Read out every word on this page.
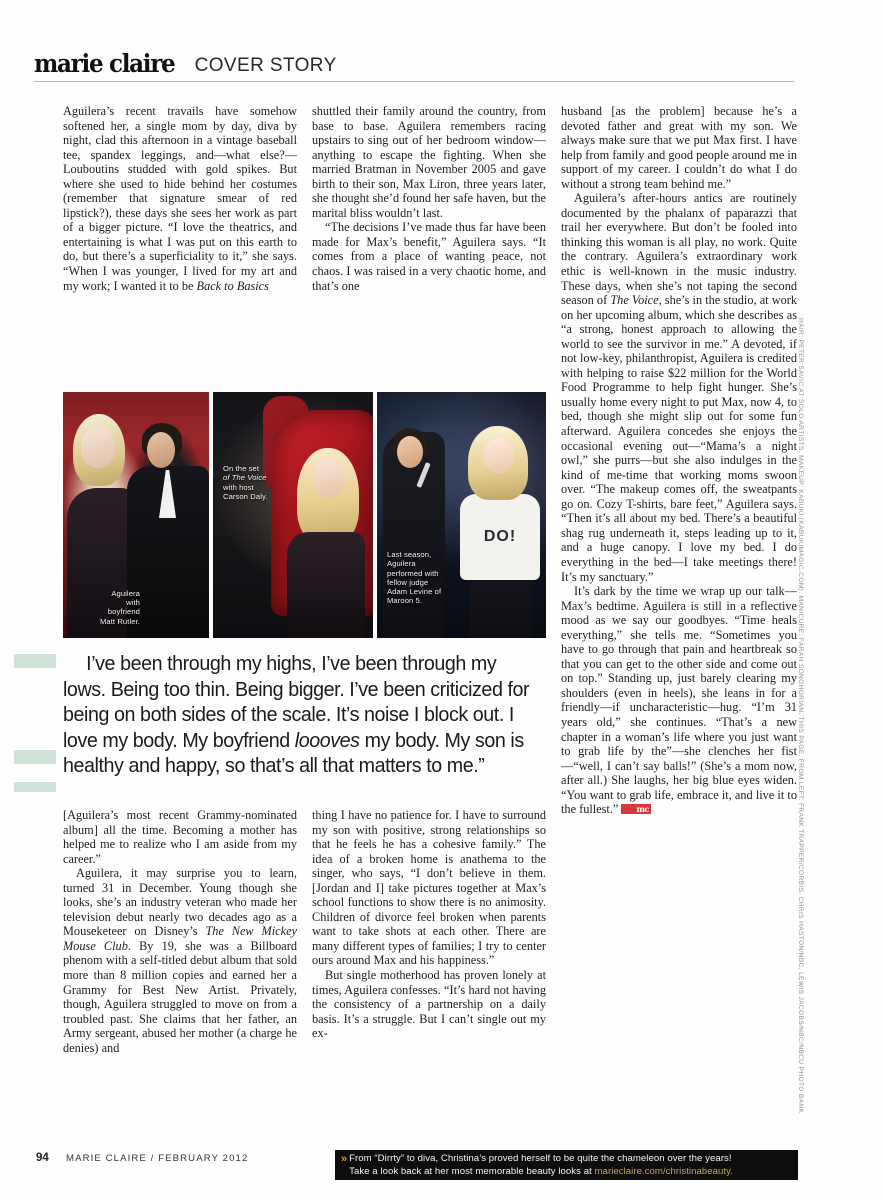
marie claire COVER STORY

Aguilera’s recent travails have somehow softened her, a single mom by day, diva by night, clad this afternoon in a vintage baseball tee, spandex leggings, and—what else?—Louboutins studded with gold spikes. But where she used to hide behind her costumes (remember that signature smear of red lipstick?), these days she sees her work as part of a bigger picture. “I love the theatrics, and entertaining is what I was put on this earth to do, but there’s a superficiality to it,” she says. “When I was younger, I lived for my art and my work; I wanted it to be Back to Basics

shuttled their family around the country, from base to base. Aguilera remembers racing upstairs to sing out of her bedroom window—anything to escape the fighting. When she married Bratman in November 2005 and gave birth to their son, Max Liron, three years later, she thought she’d found her safe haven, but the marital bliss wouldn’t last.

“The decisions I’ve made thus far have been made for Max’s benefit,” Aguilera says. “It comes from a place of wanting peace, not chaos. I was raised in a very chaotic home, and that’s one

husband [as the problem] because he’s a devoted father and great with my son. We always make sure that we put Max first. I have help from family and good people around me in support of my career. I couldn’t do what I do without a strong team behind me.”

Aguilera’s after-hours antics are routinely documented by the phalanx of paparazzi that trail her everywhere. But don’t be fooled into thinking this woman is all play, no work. Quite the contrary. Aguilera’s extraordinary work ethic is well-known in the music industry. These days, when she’s not taping the second season of The Voice, she’s in the studio, at work on her upcoming album, which she describes as “a strong, honest approach to allowing the world to see the survivor in me.” A devoted, if not low-key, philanthropist, Aguilera is credited with helping to raise $22 million for the World Food Programme to help fight hunger. She’s usually home every night to put Max, now 4, to bed, though she might slip out for some fun afterward. Aguilera concedes she enjoys the occasional evening out—“Mama’s a night owl,” she purrs—but she also indulges in the kind of me-time that working moms swoon over. “The makeup comes off, the sweatpants go on. Cozy T-shirts, bare feet,” Aguilera says. “Then it’s all about my bed. There’s a beautiful shag rug underneath it, steps leading up to it, and a huge canopy. I love my bed. I do everything in the bed—I take meetings there! It’s my sanctuary.”

It’s dark by the time we wrap up our talk—Max’s bedtime. Aguilera is still in a reflective mood as we say our goodbyes. “Time heals everything,” she tells me. “Sometimes you have to go through that pain and heartbreak so that you can get to the other side and come out on top.” Standing up, just barely clearing my shoulders (even in heels), she leans in for a friendly—if uncharacteristic—hug. “I’m 31 years old,” she continues. “That’s a new chapter in a woman’s life where you just want to grab life by the”—she clenches her fist—“well, I can’t say balls!” (She’s a mom now, after all.) She laughs, her big blue eyes widen. “You want to grab life, embrace it, and live it to the fullest.” mc

Aguilera
with
boyfriend
Matt Rutler.
On the set
of The Voice
with host
Carson Daly.
DO!
Last season,
Aguilera
performed with
fellow judge
Adam Levine of
Maroon 5.
I’ve been through my highs, I’ve been through my lows. Being too thin. Being bigger. I’ve been criticized for being on both sides of the scale. It’s noise I block out. I love my body. My boyfriend loooves my body. My son is healthy and happy, so that’s all that matters to me.”

[Aguilera’s most recent Grammy-nominated album] all the time. Becoming a mother has helped me to realize who I am aside from my career.”

Aguilera, it may surprise you to learn, turned 31 in December. Young though she looks, she’s an industry veteran who made her television debut nearly two decades ago as a Mouseketeer on Disney’s The New Mickey Mouse Club. By 19, she was a Billboard phenom with a self-titled debut album that sold more than 8 million copies and earned her a Grammy for Best New Artist. Privately, though, Aguilera struggled to move on from a troubled past. She claims that her father, an Army sergeant, abused her mother (a charge he denies) and

thing I have no patience for. I have to surround my son with positive, strong relationships so that he feels he has a cohesive family.” The idea of a broken home is anathema to the singer, who says, “I don’t believe in them. [Jordan and I] take pictures together at Max’s school functions to show there is no animosity. Children of divorce feel broken when parents want to take shots at each other. There are many different types of families; I try to center ours around Max and his happiness.”

But single motherhood has proven lonely at times, Aguilera confesses. “It’s hard not having the consistency of a partnership on a daily basis. It’s a struggle. But I can’t single out my ex-	HAIR: PETER SAVIC AT SOLO ARTISTS. MAKEUP: KABUKI (KABUKIMAGIC.COM). MANICURE: FARAH SONGHORIAN. THIS PAGE, FROM LEFT: FRANK TRAPPER/CORBIS, CHRIS HASTON/NBC, LEWIS JACOBS/NBC/NBCU PHOTO BANK
94 MARIE CLAIRE / FEBRUARY 2012	» From “Dirrty” to diva, Christina’s proved herself to be quite the chameleon over the years!
Take a look back at her most memorable beauty looks at marieclaire.com/christinabeauty.
